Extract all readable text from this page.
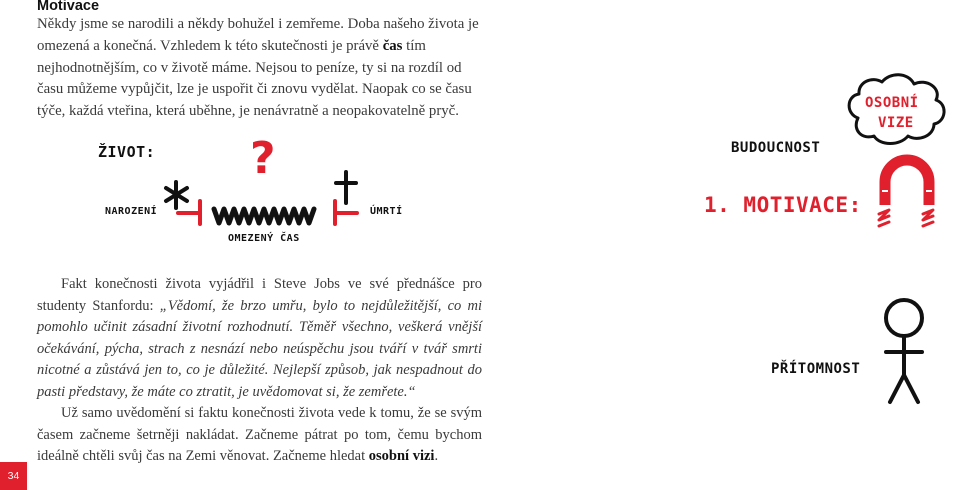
Motivace

Někdy jsme se narodili a někdy bohužel i zemřeme. Doba našeho života je omezená a konečná. Vzhledem k této skutečnosti je právě čas tím nejhodnotnějším, co v životě máme. Nejsou to peníze, ty si na rozdíl od času můžeme vypůjčit, lze je uspořit či znovu vydělat. Naopak co se času týče, každá vteřina, která uběhne, je nenávratně a neopakovatelně pryč.

ŽIVOT: ?
NAROZENÍ	ÚMRTÍ
OMEZENÝ ČAS
BUDOUCNOST
OSOBNÍ
VIZE
1. MOTIVACE:
PŘÍTOMNOST

Fakt konečnosti života vyjádřil i Steve Jobs ve své přednášce pro studenty Stanfordu: „Vědomí, že brzo umřu, bylo to nejdůležitější, co mi pomohlo učinit zásadní životní rozhodnutí. Těměř všechno, veškerá vnější očekávání, pýcha, strach z nesnází nebo neúspěchu jsou tváří v tvář smrti nicotné a zůstává jen to, co je důležité. Nejlepší způsob, jak nespadnout do pasti představy, že máte co ztratit, je uvědomovat si, že zemřete.“

Už samo uvědomění si faktu konečnosti života vede k tomu, že se svým časem začneme šetrněji nakládat. Začneme pátrat po tom, čemu bychom ideálně chtěli svůj čas na Zemi věnovat. Začneme hledat osobní vizi.

34
